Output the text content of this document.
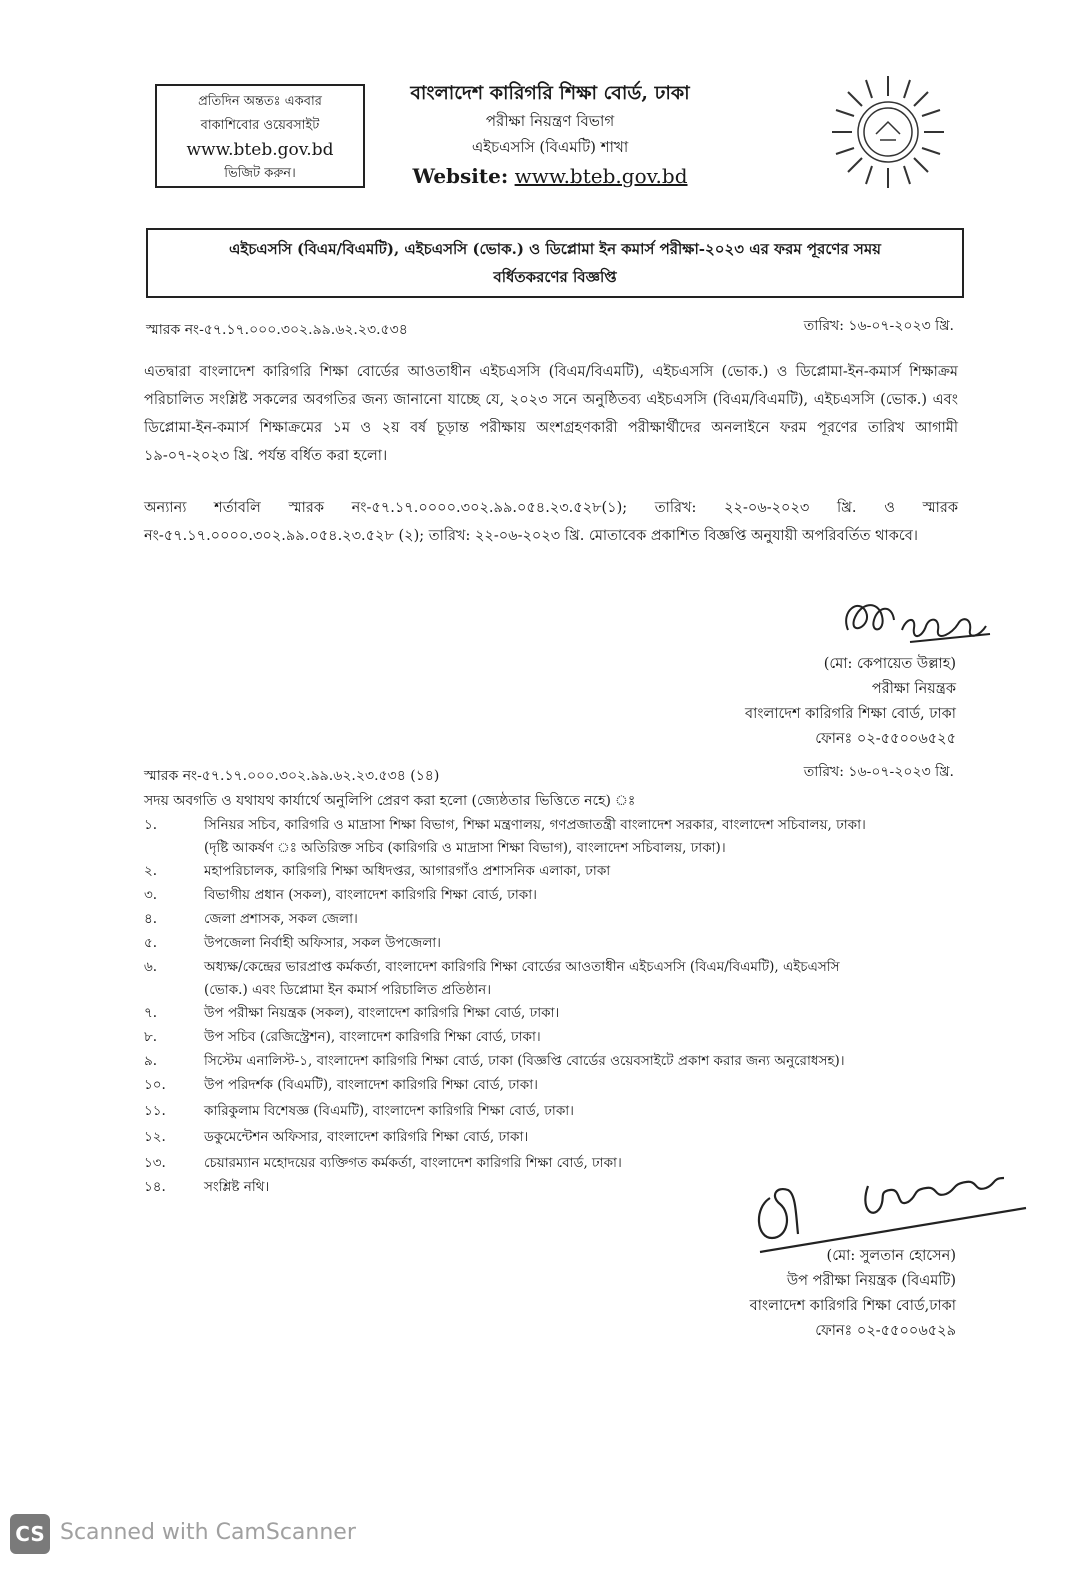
প্রতিদিন অন্ততঃ একবার
বাকাশিবোর ওয়েবসাইট
www.bteb.gov.bd
ভিজিট করুন।
বাংলাদেশ কারিগরি শিক্ষা বোর্ড, ঢাকা
পরীক্ষা নিয়ন্ত্রণ বিভাগ
এইচএসসি (বিএমটি) শাখা
Website: www.bteb.gov.bd
এইচএসসি (বিএম/বিএমটি), এইচএসসি (ভোক.) ও ডিপ্লোমা ইন কমার্স পরীক্ষা-২০২৩ এর ফরম পূরণের সময়
বর্ধিতকরণের বিজ্ঞপ্তি
স্মারক নং-৫৭.১৭.০০০.৩০২.৯৯.৬২.২৩.৫৩৪	তারিখ: ১৬-০৭-২০২৩ খ্রি.
এতদ্বারা বাংলাদেশ কারিগরি শিক্ষা বোর্ডের আওতাধীন এইচএসসি (বিএম/বিএমটি), এইচএসসি (ভোক.) ও ডিপ্লোমা-ইন-কমার্স শিক্ষাক্রম পরিচালিত সংশ্লিষ্ট সকলের অবগতির জন্য জানানো যাচ্ছে যে, ২০২৩ সনে অনুষ্ঠিতব্য এইচএসসি (বিএম/বিএমটি), এইচএসসি (ভোক.) এবং ডিপ্লোমা-ইন-কমার্স শিক্ষাক্রমের ১ম ও ২য় বর্ষ চূড়ান্ত পরীক্ষায় অংশগ্রহণকারী পরীক্ষার্থীদের অনলাইনে ফরম পূরণের তারিখ আগামী ১৯-০৭-২০২৩ খ্রি. পর্যন্ত বর্ধিত করা হলো।
অন্যান্য শর্তাবলি স্মারক নং-৫৭.১৭.০০০০.৩০২.৯৯.০৫৪.২৩.৫২৮(১); তারিখ: ২২-০৬-২০২৩ খ্রি. ও স্মারক নং-৫৭.১৭.০০০০.৩০২.৯৯.০৫৪.২৩.৫২৮ (২); তারিখ: ২২-০৬-২০২৩ খ্রি. মোতাবেক প্রকাশিত বিজ্ঞপ্তি অনুযায়ী অপরিবর্তিত থাকবে।
(মো: কেপায়েত উল্লাহ)
পরীক্ষা নিয়ন্ত্রক
বাংলাদেশ কারিগরি শিক্ষা বোর্ড, ঢাকা
ফোনঃ ০২-৫৫০০৬৫২৫
স্মারক নং-৫৭.১৭.০০০.৩০২.৯৯.৬২.২৩.৫৩৪ (১৪)	তারিখ: ১৬-০৭-২০২৩ খ্রি.
সদয় অবগতি ও যথাযথ কার্যার্থে অনুলিপি প্রেরণ করা হলো (জ্যেষ্ঠতার ভিত্তিতে নহে) ঃ
১.	সিনিয়র সচিব, কারিগরি ও মাদ্রাসা শিক্ষা বিভাগ, শিক্ষা মন্ত্রণালয়, গণপ্রজাতন্ত্রী বাংলাদেশ সরকার, বাংলাদেশ সচিবালয়, ঢাকা।
(দৃষ্টি আকর্ষণ ঃ অতিরিক্ত সচিব (কারিগরি ও মাদ্রাসা শিক্ষা বিভাগ), বাংলাদেশ সচিবালয়, ঢাকা)।
২.	মহাপরিচালক, কারিগরি শিক্ষা অধিদপ্তর, আগারগাঁও প্রশাসনিক এলাকা, ঢাকা
৩.	বিভাগীয় প্রধান (সকল), বাংলাদেশ কারিগরি শিক্ষা বোর্ড, ঢাকা।
৪.	জেলা প্রশাসক, সকল জেলা।
৫.	উপজেলা নির্বাহী অফিসার, সকল উপজেলা।
৬.	অধ্যক্ষ/কেন্দ্রের ভারপ্রাপ্ত কর্মকর্তা, বাংলাদেশ কারিগরি শিক্ষা বোর্ডের আওতাধীন এইচএসসি (বিএম/বিএমটি), এইচএসসি
(ভোক.) এবং ডিপ্লোমা ইন কমার্স পরিচালিত প্রতিষ্ঠান।
৭.	উপ পরীক্ষা নিয়ন্ত্রক (সকল), বাংলাদেশ কারিগরি শিক্ষা বোর্ড, ঢাকা।
৮.	উপ সচিব (রেজিস্ট্রেশন), বাংলাদেশ কারিগরি শিক্ষা বোর্ড, ঢাকা।
৯.	সিস্টেম এনালিস্ট-১, বাংলাদেশ কারিগরি শিক্ষা বোর্ড, ঢাকা (বিজ্ঞপ্তি বোর্ডের ওয়েবসাইটে প্রকাশ করার জন্য অনুরোধসহ)।
১০.	উপ পরিদর্শক (বিএমটি), বাংলাদেশ কারিগরি শিক্ষা বোর্ড, ঢাকা।
১১.	কারিকুলাম বিশেষজ্ঞ (বিএমটি), বাংলাদেশ কারিগরি শিক্ষা বোর্ড, ঢাকা।
১২.	ডকুমেন্টেশন অফিসার, বাংলাদেশ কারিগরি শিক্ষা বোর্ড, ঢাকা।
১৩.	চেয়ারম্যান মহোদয়ের ব্যক্তিগত কর্মকর্তা, বাংলাদেশ কারিগরি শিক্ষা বোর্ড, ঢাকা।
১৪.	সংশ্লিষ্ট নথি।
(মো: সুলতান হোসেন)
উপ পরীক্ষা নিয়ন্ত্রক (বিএমটি)
বাংলাদেশ কারিগরি শিক্ষা বোর্ড,ঢাকা
ফোনঃ ০২-৫৫০০৬৫২৯
CS Scanned with CamScanner
